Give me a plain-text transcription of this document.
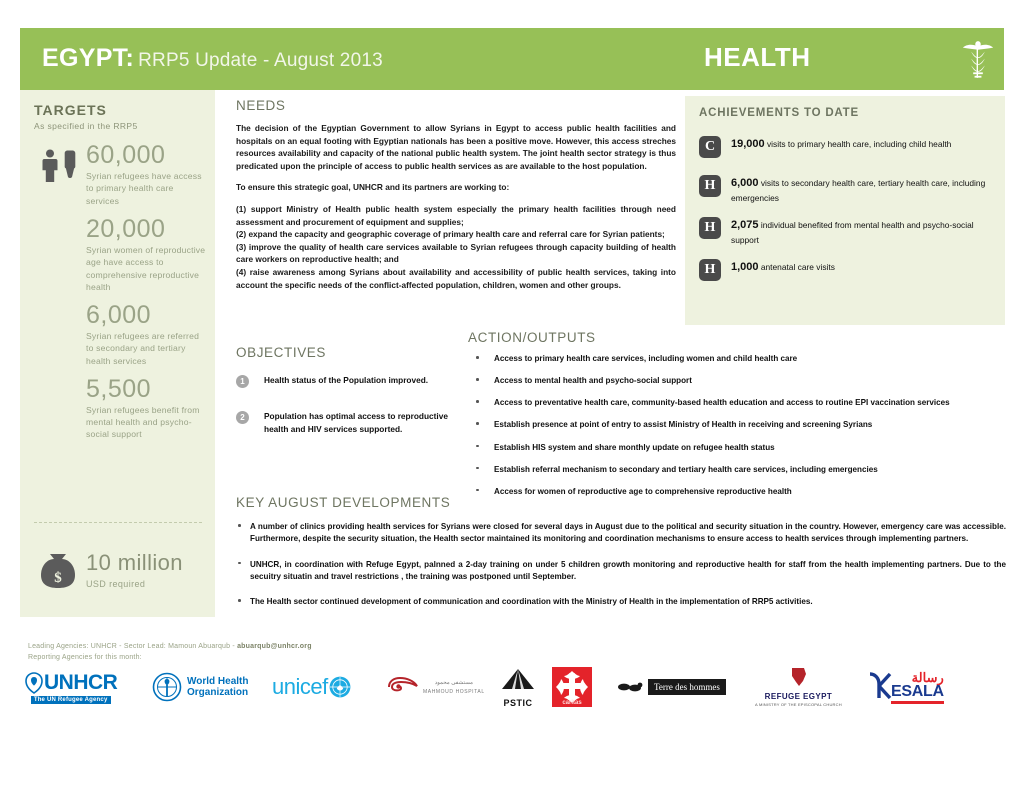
EGYPT: RRP5 Update - August 2013	HEALTH
TARGETS
As specified in the RRP5
60,000
Syrian refugees have access to primary health care services
20,000
Syrian women of reproductive age have access to comprehensive reproductive health
6,000
Syrian refugees are referred to secondary and tertiary health services
5,500
Syrian refugees benefit from mental health and psycho-social support
$
10 million
USD required
NEEDS

The decision of the Egyptian Government to allow Syrians in Egypt to access public health facilities and hospitals on an equal footing with Egyptian nationals has been a positive move. However, this access streches resources availability and capacity of the national public health system. The joint health sector strategy is thus predicated upon the principle of access to public health services as are available to the host population.

To ensure this strategic goal, UNHCR and its partners are working to:

(1) support Ministry of Health public health system especially the primary health facilities through need assessment and procurement of equipment and supplies;
(2) expand the capacity and geographic coverage of primary health care and referral care for Syrian patients;
(3) improve the quality of health care services available to Syrian refugees through capacity building of health care workers on reproductive health; and
(4) raise awareness among Syrians about availability and accessibility of public health services, taking into account the specific needs of the conflict-affected population, children, women and other groups.
ACHIEVEMENTS TO DATE
C	19,000 visits to primary health care, including child health
H	6,000 visits to secondary health care, tertiary health care, including emergencies
H	2,075 individual benefited from mental health and psycho-social support
H	1,000 antenatal care visits
OBJECTIVES
1	Health status of the Population improved.
2	Population has optimal access to reproductive health and HIV services supported.
ACTION/OUTPUTS
Access to primary health care services, including women and child health care
Access to mental health and psycho-social support
Access to preventative health care, community-based health education and access to routine EPI vaccination services
Establish presence at point of entry to assist Ministry of Health in receiving and screening Syrians
Establish HIS system and share monthly update on refugee health status
Establish referral mechanism to secondary and tertiary health care services, including emergencies
Access for women of reproductive age to comprehensive reproductive health
KEY AUGUST DEVELOPMENTS
A number of clinics providing health services for Syrians were closed for several days in August due to the political and security situation in the country. However, emergency care was accessible. Furthermore, despite the security situation, the Health sector maintained its monitoring and coordination mechanisms to ensure access to health services through implementing partners.
UNHCR, in coordination with Refuge Egypt, palnned a 2-day training on under 5 children growth monitoring and reproductive health for staff from the health implementing partners. Due to the secuitry situatin and travel restrictions , the training was postponed until September.
The Health sector continued development of communication and coordination with the Ministry of Health in the implementation of RRP5 activities.
Leading Agencies: UNHCR - Sector Lead: Mamoun Abuarqub - abuarqub@unhcr.org
Reporting Agencies for this month:
UNHCR
The UN Refugee Agency
World Health
Organization unicef	مستشفى محمود
MAHMOUD HOSPITAL
PSTIC	caritas
Terre des hommes
REFUGE EGYPT
A MINISTRY OF THE EPISCOPAL CHURCH
رسالة
ESALA
